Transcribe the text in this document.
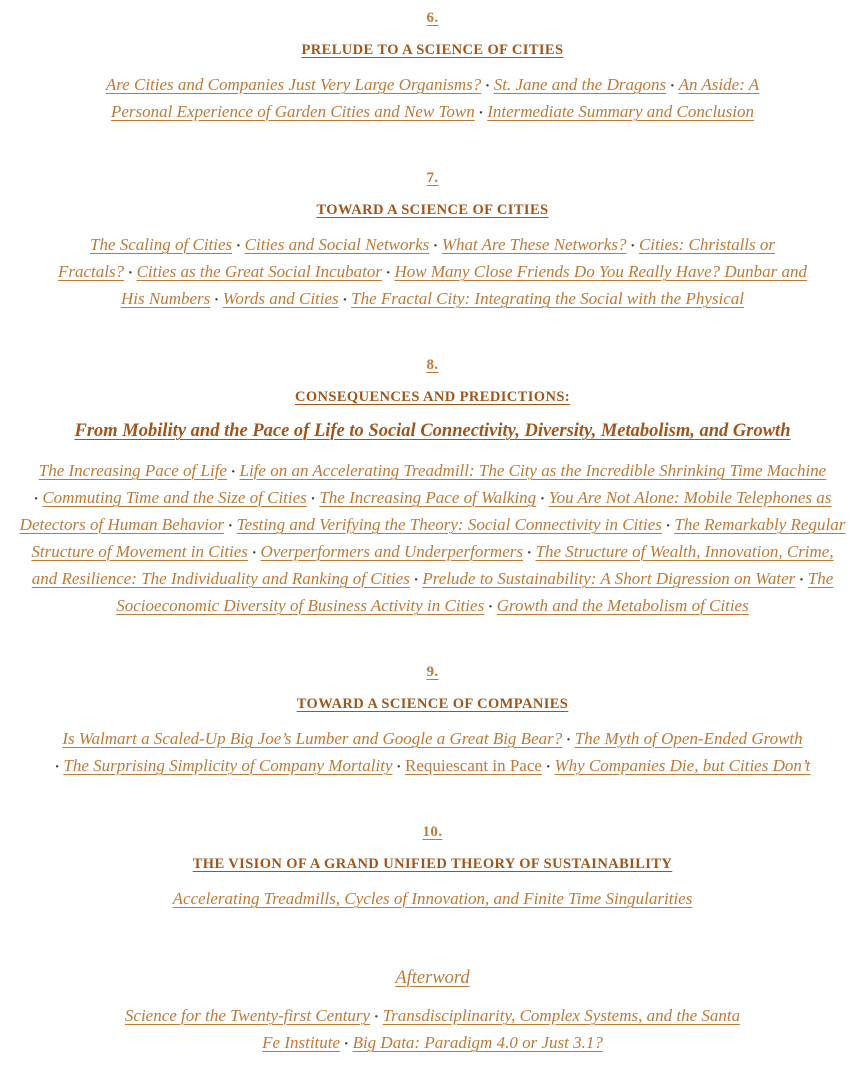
6.
PRELUDE TO A SCIENCE OF CITIES

Are Cities and Companies Just Very Large Organisms? · St. Jane and the Dragons · An Aside: A Personal Experience of Garden Cities and New Town · Intermediate Summary and Conclusion

7.
TOWARD A SCIENCE OF CITIES

The Scaling of Cities · Cities and Social Networks · What Are These Networks? · Cities: Christalls or Fractals? · Cities as the Great Social Incubator · How Many Close Friends Do You Really Have? Dunbar and His Numbers · Words and Cities · The Fractal City: Integrating the Social with the Physical

8.
CONSEQUENCES AND PREDICTIONS:
From Mobility and the Pace of Life to Social Connectivity, Diversity, Metabolism, and Growth

The Increasing Pace of Life · Life on an Accelerating Treadmill: The City as the Incredible Shrinking Time Machine · Commuting Time and the Size of Cities · The Increasing Pace of Walking · You Are Not Alone: Mobile Telephones as Detectors of Human Behavior · Testing and Verifying the Theory: Social Connectivity in Cities · The Remarkably Regular Structure of Movement in Cities · Overperformers and Underperformers · The Structure of Wealth, Innovation, Crime, and Resilience: The Individuality and Ranking of Cities · Prelude to Sustainability: A Short Digression on Water · The Socioeconomic Diversity of Business Activity in Cities · Growth and the Metabolism of Cities

9.
TOWARD A SCIENCE OF COMPANIES

Is Walmart a Scaled-Up Big Joe’s Lumber and Google a Great Big Bear? · The Myth of Open-Ended Growth · The Surprising Simplicity of Company Mortality · Requiescant in Pace · Why Companies Die, but Cities Don’t

10.
THE VISION OF A GRAND UNIFIED THEORY OF SUSTAINABILITY

Accelerating Treadmills, Cycles of Innovation, and Finite Time Singularities

Afterword

Science for the Twenty-first Century · Transdisciplinarity, Complex Systems, and the Santa Fe Institute · Big Data: Paradigm 4.0 or Just 3.1?
